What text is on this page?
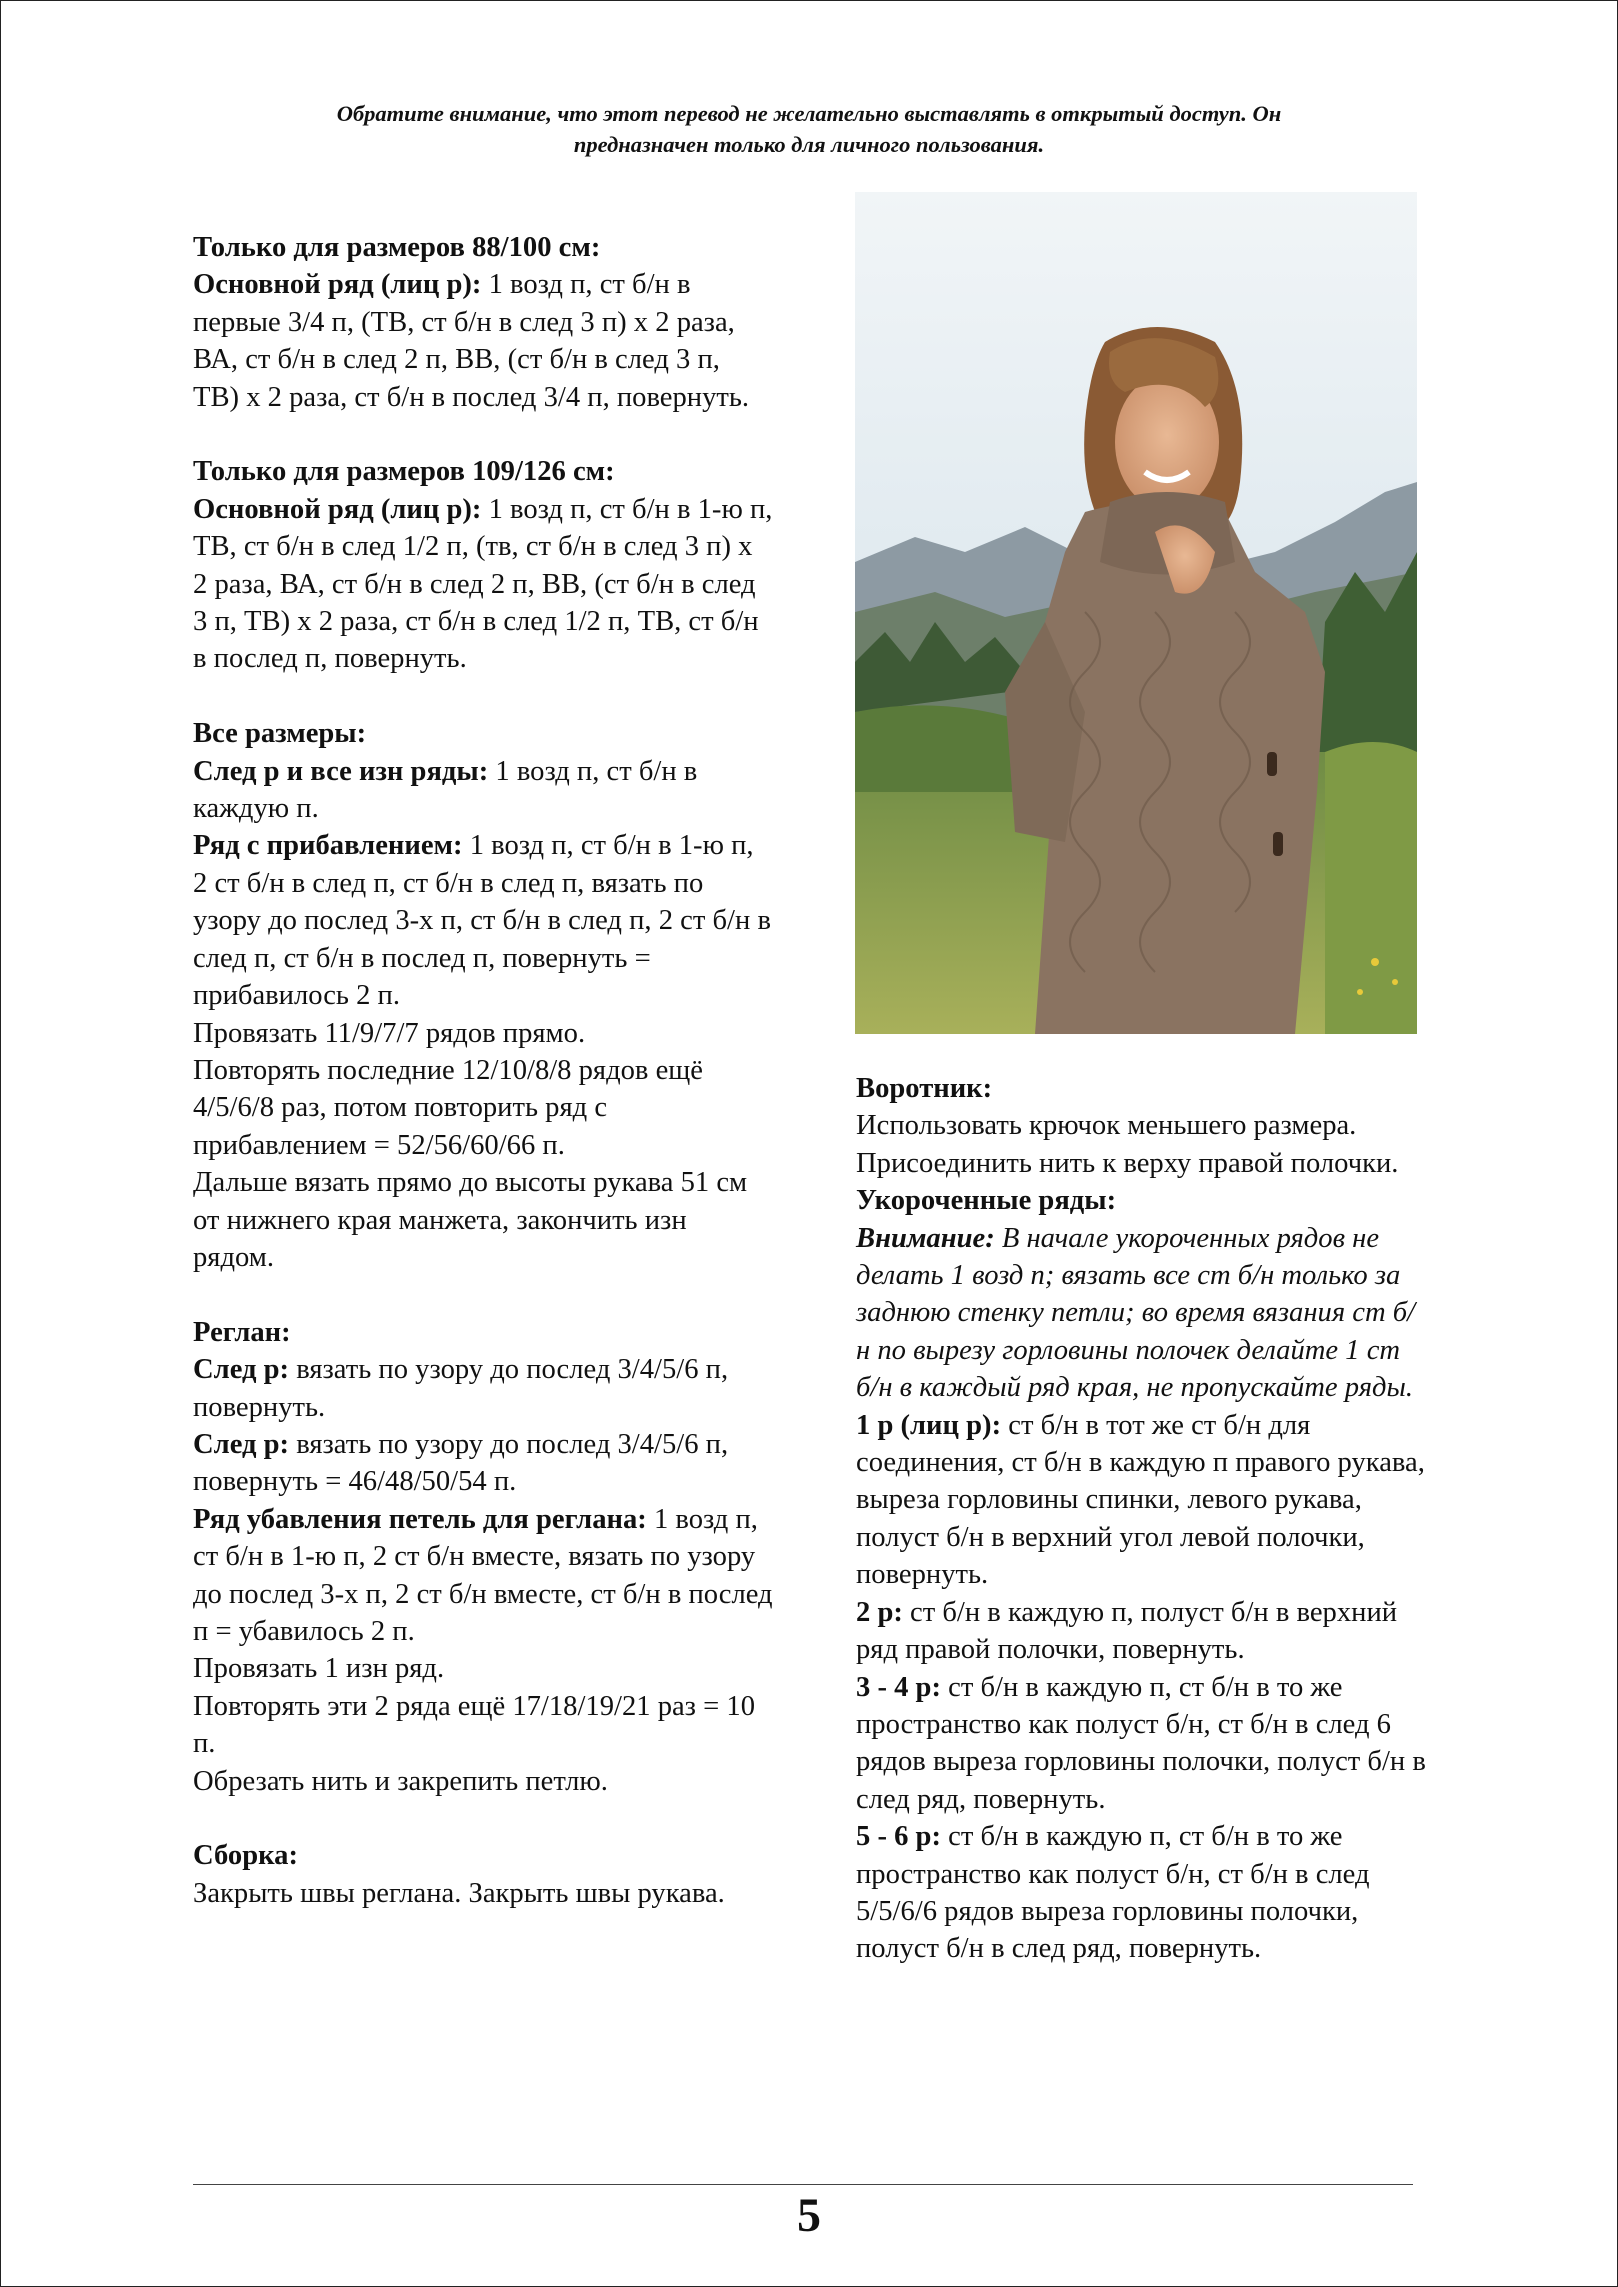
Обратите внимание, что этот перевод не желательно выставлять в открытый доступ. Он
предназначен только для личного пользования.

Только для размеров 88/100 см:

Основной ряд (лиц р): 1 возд п, ст б/н в первые 3/4 п, (ТВ, ст б/н в след 3 п) х 2 раза, ВА, ст б/н в след 2 п, ВВ, (ст б/н в след 3 п, ТВ) х 2 раза, ст б/н в послед 3/4 п, повернуть.

Только для размеров 109/126 см:

Основной ряд (лиц р): 1 возд п, ст б/н в 1-ю п, ТВ, ст б/н в след 1/2 п, (тв, ст б/н в след 3 п) х 2 раза, ВА, ст б/н в след 2 п, ВВ, (ст б/н в след 3 п, ТВ) х 2 раза, ст б/н в след 1/2 п, ТВ, ст б/н в послед п, повернуть.

Все размеры:

След р и все изн ряды: 1 возд п, ст б/н в каждую п.

Ряд с прибавлением: 1 возд п, ст б/н в 1-ю п, 2 ст б/н в след п, ст б/н в след п, вязать по узору до послед 3-х п, ст б/н в след п, 2 ст б/н в след п, ст б/н в послед п, повернуть = прибавилось 2 п.

Провязать 11/9/7/7 рядов прямо.

Повторять последние 12/10/8/8 рядов ещё 4/5/6/8 раз, потом повторить ряд с прибавлением = 52/56/60/66 п.

Дальше вязать прямо до высоты рукава 51 см от нижнего края манжета, закончить изн рядом.

Реглан:

След р: вязать по узору до послед 3/4/5/6 п, повернуть.

След р: вязать по узору до послед 3/4/5/6 п, повернуть = 46/48/50/54 п.

Ряд убавления петель для реглана: 1 возд п, ст б/н в 1-ю п, 2 ст б/н вместе, вязать по узору до послед 3-х п, 2 ст б/н вместе, ст б/н в послед п = убавилось 2 п.

Провязать 1 изн ряд.

Повторять эти 2 ряда ещё 17/18/19/21 раз = 10 п.

Обрезать нить и закрепить петлю.

Сборка:

Закрыть швы реглана. Закрыть швы рукава.

Воротник:

Использовать крючок меньшего размера. Присоединить нить к верху правой полочки.

Укороченные ряды:

Внимание: В начале укороченных рядов не делать 1 возд п; вязать все ст б/н только за заднюю стенку петли; во время вязания ст б/н по вырезу горловины полочек делайте 1 ст б/н в каждый ряд края, не пропускайте ряды.

1 р (лиц р): ст б/н в тот же ст б/н для соединения, ст б/н в каждую п правого рукава, выреза горловины спинки, левого рукава, полуст б/н в верхний угол левой полочки, повернуть.

2 р: ст б/н в каждую п, полуст б/н в верхний ряд правой полочки, повернуть.

3 - 4 р: ст б/н в каждую п, ст б/н в то же пространство как полуст б/н, ст б/н в след 6 рядов выреза горловины полочки, полуст б/н в след ряд, повернуть.

5 - 6 р: ст б/н в каждую п, ст б/н в то же пространство как полуст б/н, ст б/н в след 5/5/6/6 рядов выреза горловины полочки, полуст б/н в след ряд, повернуть.

5
